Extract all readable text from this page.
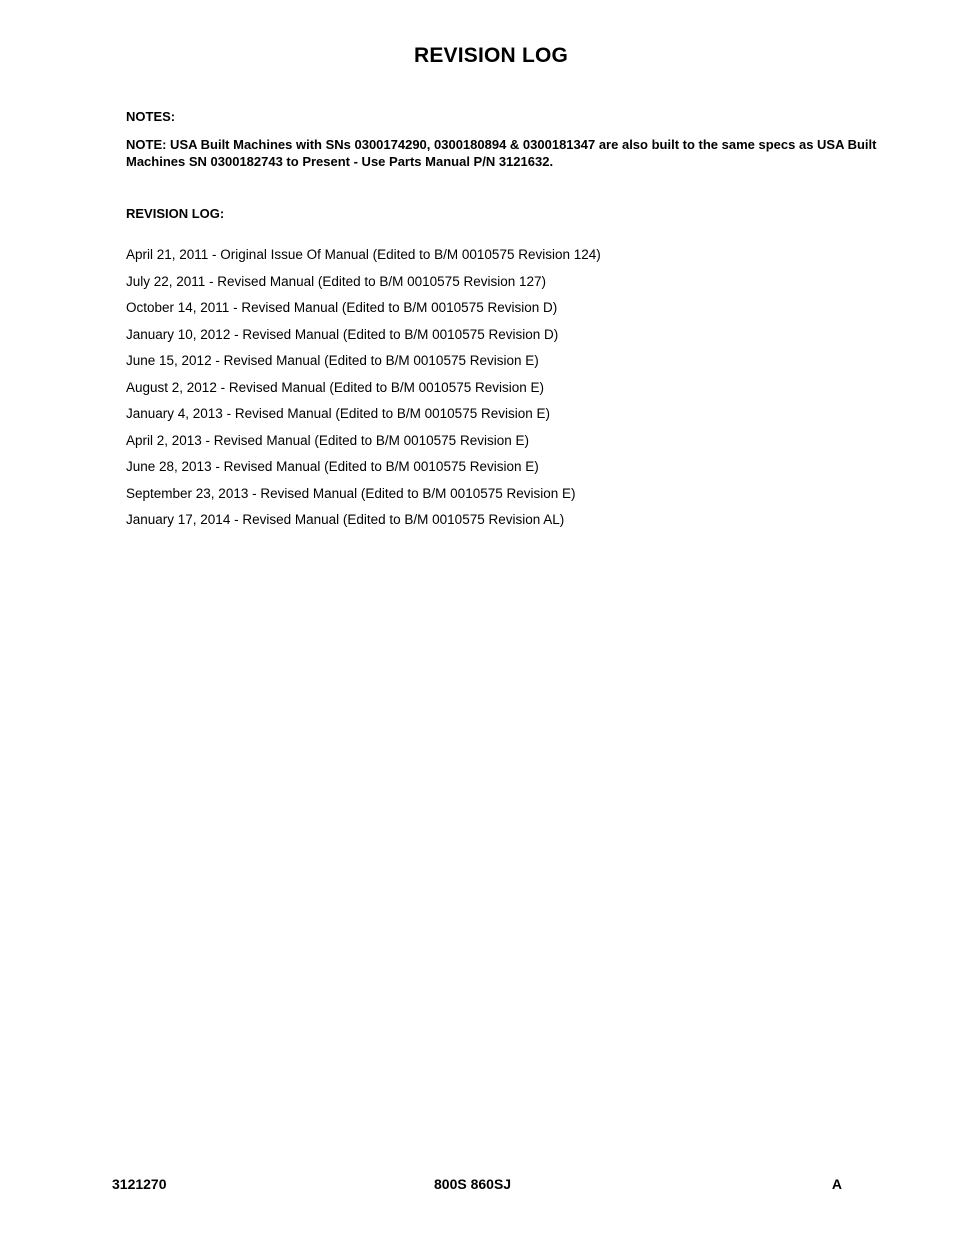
REVISION LOG

NOTES:

NOTE: USA Built Machines with SNs 0300174290, 0300180894 & 0300181347 are also built to the same specs as USA Built Machines SN 0300182743 to Present - Use Parts Manual P/N 3121632.

REVISION LOG:

April 21, 2011 - Original Issue Of Manual (Edited to B/M 0010575 Revision 124)
July 22, 2011 - Revised Manual (Edited to B/M 0010575 Revision 127)
October 14, 2011 - Revised Manual (Edited to B/M 0010575 Revision D)
January 10, 2012 - Revised Manual (Edited to B/M 0010575 Revision D)
June 15, 2012 - Revised Manual (Edited to B/M 0010575 Revision E)
August 2, 2012 - Revised Manual (Edited to B/M 0010575 Revision E)
January 4, 2013 - Revised Manual (Edited to B/M 0010575 Revision E)
April 2, 2013 - Revised Manual (Edited to B/M 0010575 Revision E)
June 28, 2013 - Revised Manual (Edited to B/M 0010575 Revision E)
September 23, 2013 - Revised Manual (Edited to B/M 0010575 Revision E)
January 17, 2014 - Revised Manual (Edited to B/M 0010575 Revision AL)
3121270	800S 860SJ	A
